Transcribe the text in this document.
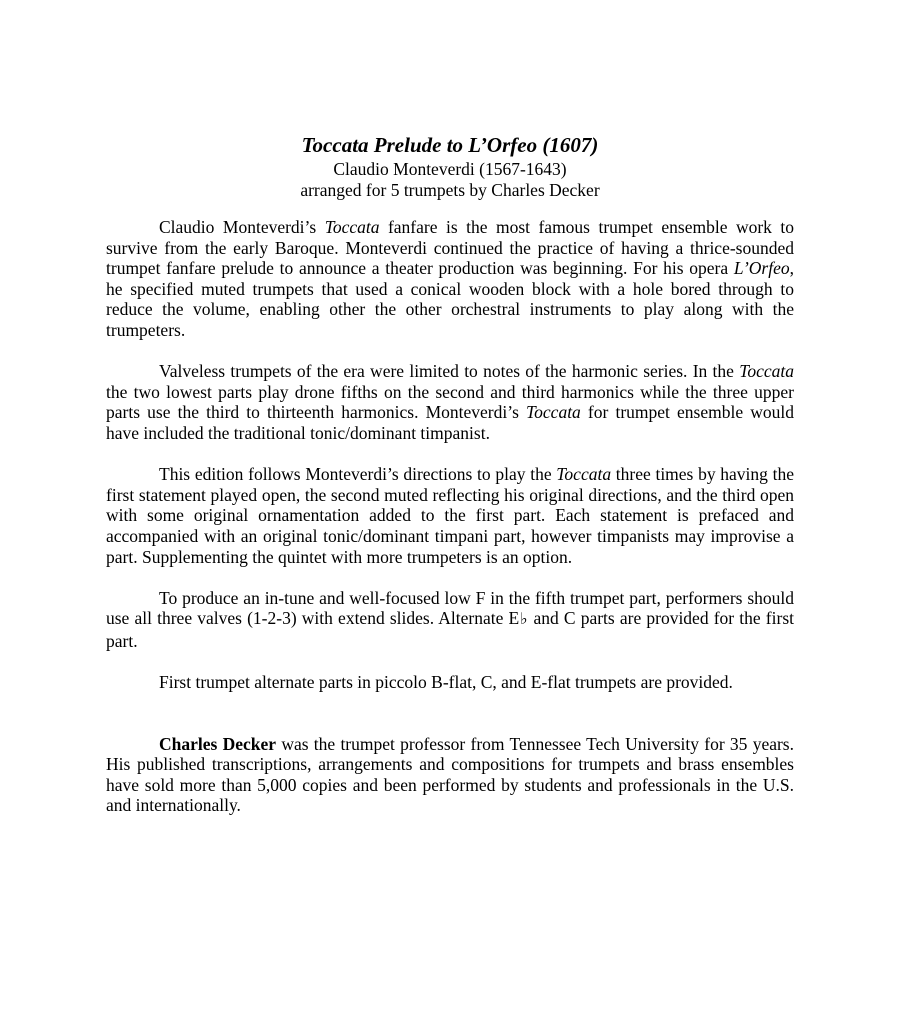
Toccata Prelude to L’Orfeo (1607)
Claudio Monteverdi (1567-1643)
arranged for 5 trumpets by Charles Decker

Claudio Monteverdi’s Toccata fanfare is the most famous trumpet ensemble work to survive from the early Baroque. Monteverdi continued the practice of having a thrice-sounded trumpet fanfare prelude to announce a theater production was beginning. For his opera L’Orfeo, he specified muted trumpets that used a conical wooden block with a hole bored through to reduce the volume, enabling other the other orchestral instruments to play along with the trumpeters.

Valveless trumpets of the era were limited to notes of the harmonic series. In the Toccata the two lowest parts play drone fifths on the second and third harmonics while the three upper parts use the third to thirteenth harmonics. Monteverdi’s Toccata for trumpet ensemble would have included the traditional tonic/dominant timpanist.

This edition follows Monteverdi’s directions to play the Toccata three times by having the first statement played open, the second muted reflecting his original directions, and the third open with some original ornamentation added to the first part. Each statement is prefaced and accompanied with an original tonic/dominant timpani part, however timpanists may improvise a part. Supplementing the quintet with more trumpeters is an option.

To produce an in-tune and well-focused low F in the fifth trumpet part, performers should use all three valves (1-2-3) with extend slides. Alternate E♭ and C parts are provided for the first part.

First trumpet alternate parts in piccolo B-flat, C, and E-flat trumpets are provided.

Charles Decker was the trumpet professor from Tennessee Tech University for 35 years. His published transcriptions, arrangements and compositions for trumpets and brass ensembles have sold more than 5,000 copies and been performed by students and professionals in the U.S. and internationally.
